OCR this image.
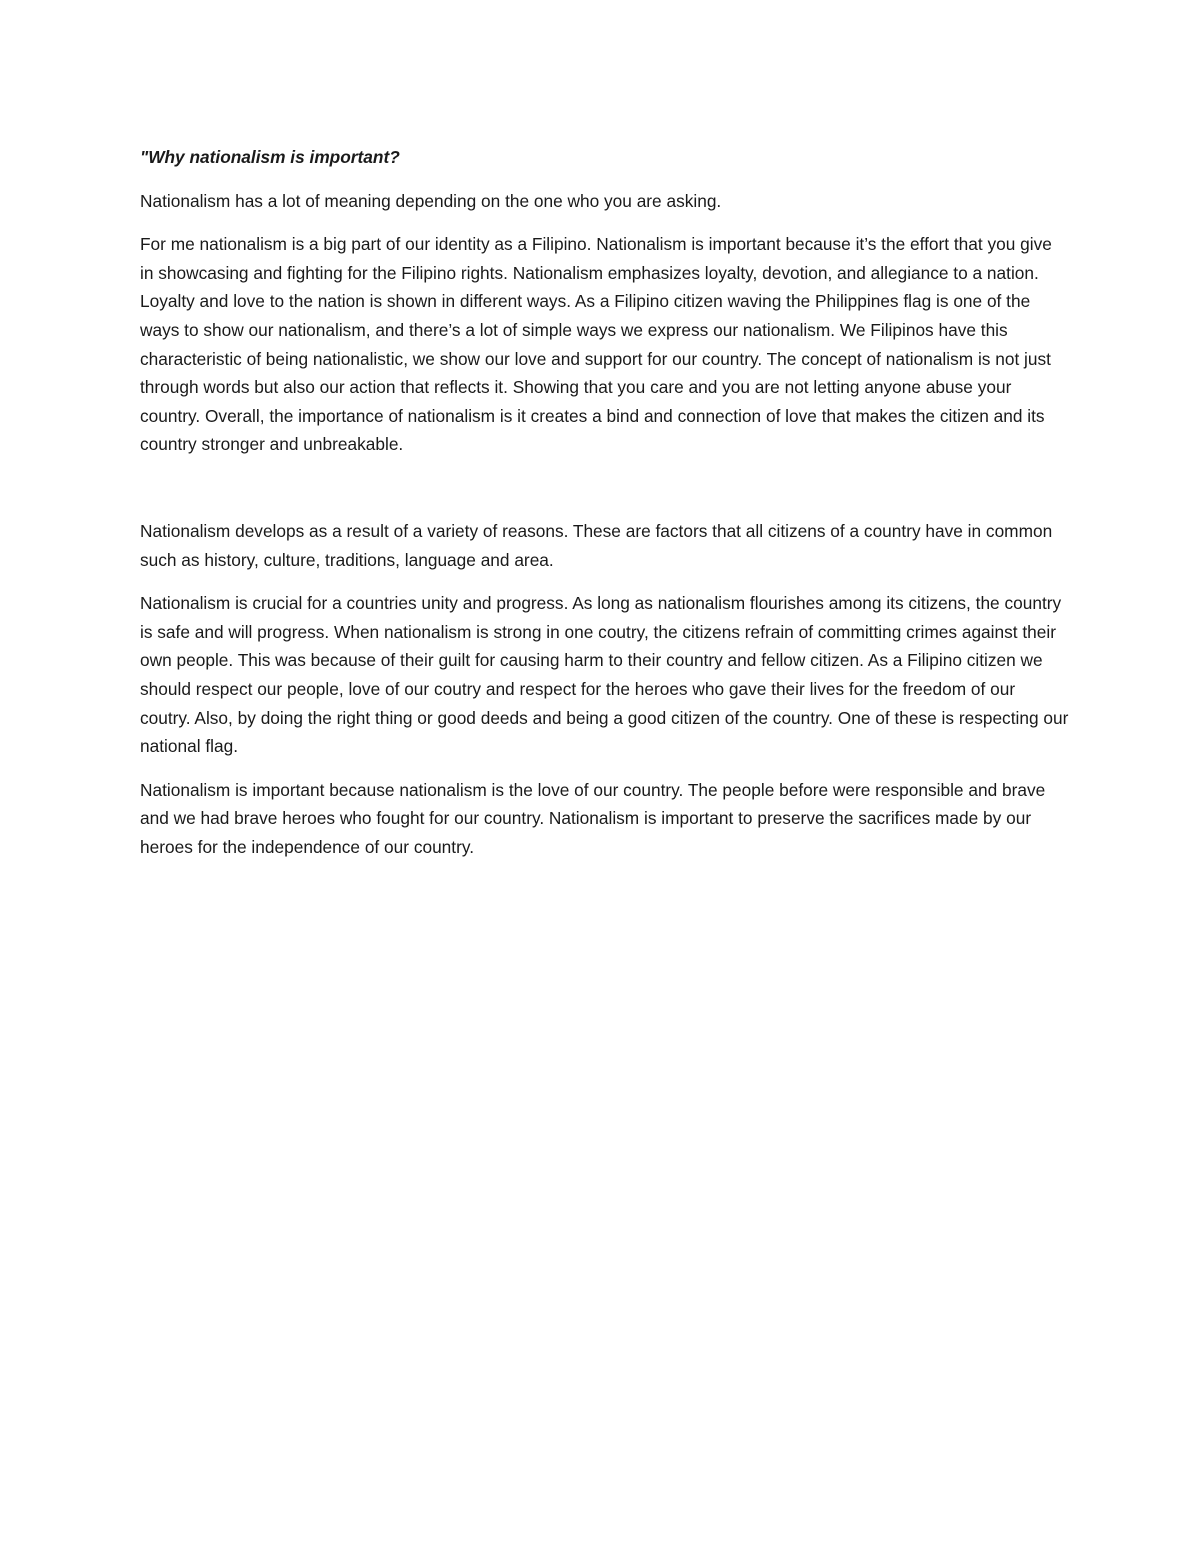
"Why nationalism is important?

Nationalism has a lot of meaning depending on the one who you are asking.

For me nationalism is a big part of our identity as a Filipino. Nationalism is important because it’s the effort that you give in showcasing and fighting for the Filipino rights. Nationalism emphasizes loyalty, devotion, and allegiance to a nation. Loyalty and love to the nation is shown in different ways. As a Filipino citizen waving the Philippines flag is one of the ways to show our nationalism, and there’s a lot of simple ways we express our nationalism. We Filipinos have this characteristic of being nationalistic, we show our love and support for our country. The concept of nationalism is not just through words but also our action that reflects it. Showing that you care and you are not letting anyone abuse your country. Overall, the importance of nationalism is it creates a bind and connection of love that makes the citizen and its country stronger and unbreakable.

Nationalism develops as a result of a variety of reasons. These are factors that all citizens of a country have in common such as history, culture, traditions, language and area.

Nationalism is crucial for a countries unity and progress. As long as nationalism flourishes among its citizens, the country is safe and will progress. When nationalism is strong in one coutry, the citizens refrain of committing crimes against their own people. This was because of their guilt for causing harm to their country and fellow citizen. As a Filipino citizen we should respect our people, love of our coutry and respect for the heroes who gave their lives for the freedom of our coutry. Also, by doing the right thing or good deeds and being a good citizen of the country. One of these is respecting our national flag.

Nationalism is important because nationalism is the love of our country. The people before were responsible and brave and we had brave heroes who fought for our country. Nationalism is important to preserve the sacrifices made by our heroes for the independence of our country.
